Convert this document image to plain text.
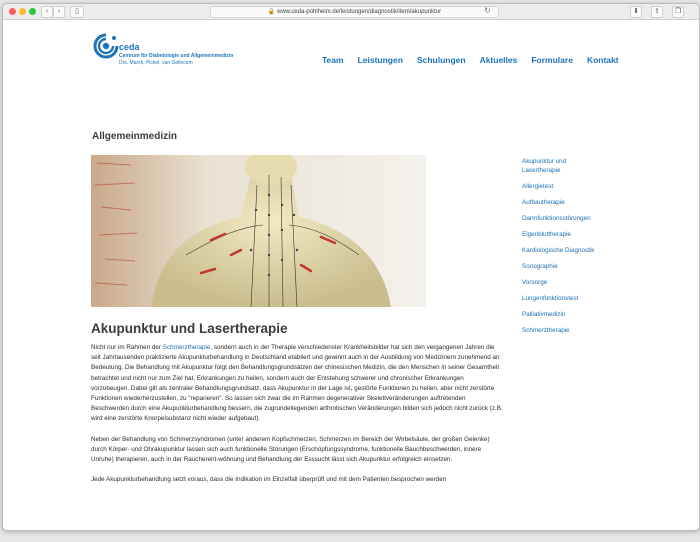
‹	›	▯	🔒 www.ceda-pohlheim.de/leistungen/diagnostik/item/akupunktur	↻	⬇	⇪	❐
ceda
Centrum für Diabetologie und Allgemeinmedizin
Drs. Marck, Pickel, van Gellecom	Team Leistungen Schulungen Aktuelles Formulare Kontakt
Allgemeinmedizin
Akupunktur und Lasertherapie
Allergietest
Aufbautherapie
Darmfunktionsstörungen
Eigenbluttherapie
Kardiologische Diagnostik
Sonographie
Vorsorge
Lungenfunktionstest
Palliativmedizin
Schmerztherapie
Akupunktur und Lasertherapie

Nicht nur im Rahmen der Schmerztherapie, sondern auch in der Therapie verschiedenster Krankheitsbilder hat sich den vergangenen Jahren die seit Jahrtausenden praktizierte Akupunkturbehandlung in Deutschland etabliert und gewinnt auch in der Ausbildung von Medizinern zunehmend an Bedeutung. Die Behandlung mit Akupunktur folgt den Behandlungsgrundsätzen der chinesischen Medizin, die den Menschen in seiner Gesamtheit betrachtet und nicht nur zum Ziel hat, Erkrankungen zu heilen, sondern auch der Entstehung schwerer und chronischer Erkrankungen vorzubeugen. Dabei gilt als zentraler Behandlungsgrundsatz, dass Akupunktur in der Lage ist, gestörte Funktionen zu heilen, aber nicht zerstörte Funktionen wiederherzustellen, zu "reparieren". So lassen sich zwar die im Rahmen degenerativer Skelettveränderungen auftretenden Beschwerden durch eine Akupunkturbehandlung bessern, die zugrundeliegenden arthrotischen Veränderungen bilden sich jedoch nicht zurück (z.B. wird eine zerstörte Knorpelsubstanz nicht wieder aufgebaut).

Neben der Behandlung von Schmerzsyndromen (unter anderem Kopfschmerzen, Schmerzen im Bereich der Wirbelsäule, der großen Gelenke) durch Körper- und Ohrakupunktur lassen sich auch funktionelle Störungen (Erschöpfungssyndrome, funktionelle Bauchbeschwerden, innere Unruhe) therapieren, auch in der Raucherent-wöhnung und Behandlung der Esssucht lässt sich Akupunktur erfolgreich einsetzen.

Jede Akupunkturbehandlung setzt voraus, dass die Indikation im Einzelfall überprüft und mit dem Patienten besprochen werden
